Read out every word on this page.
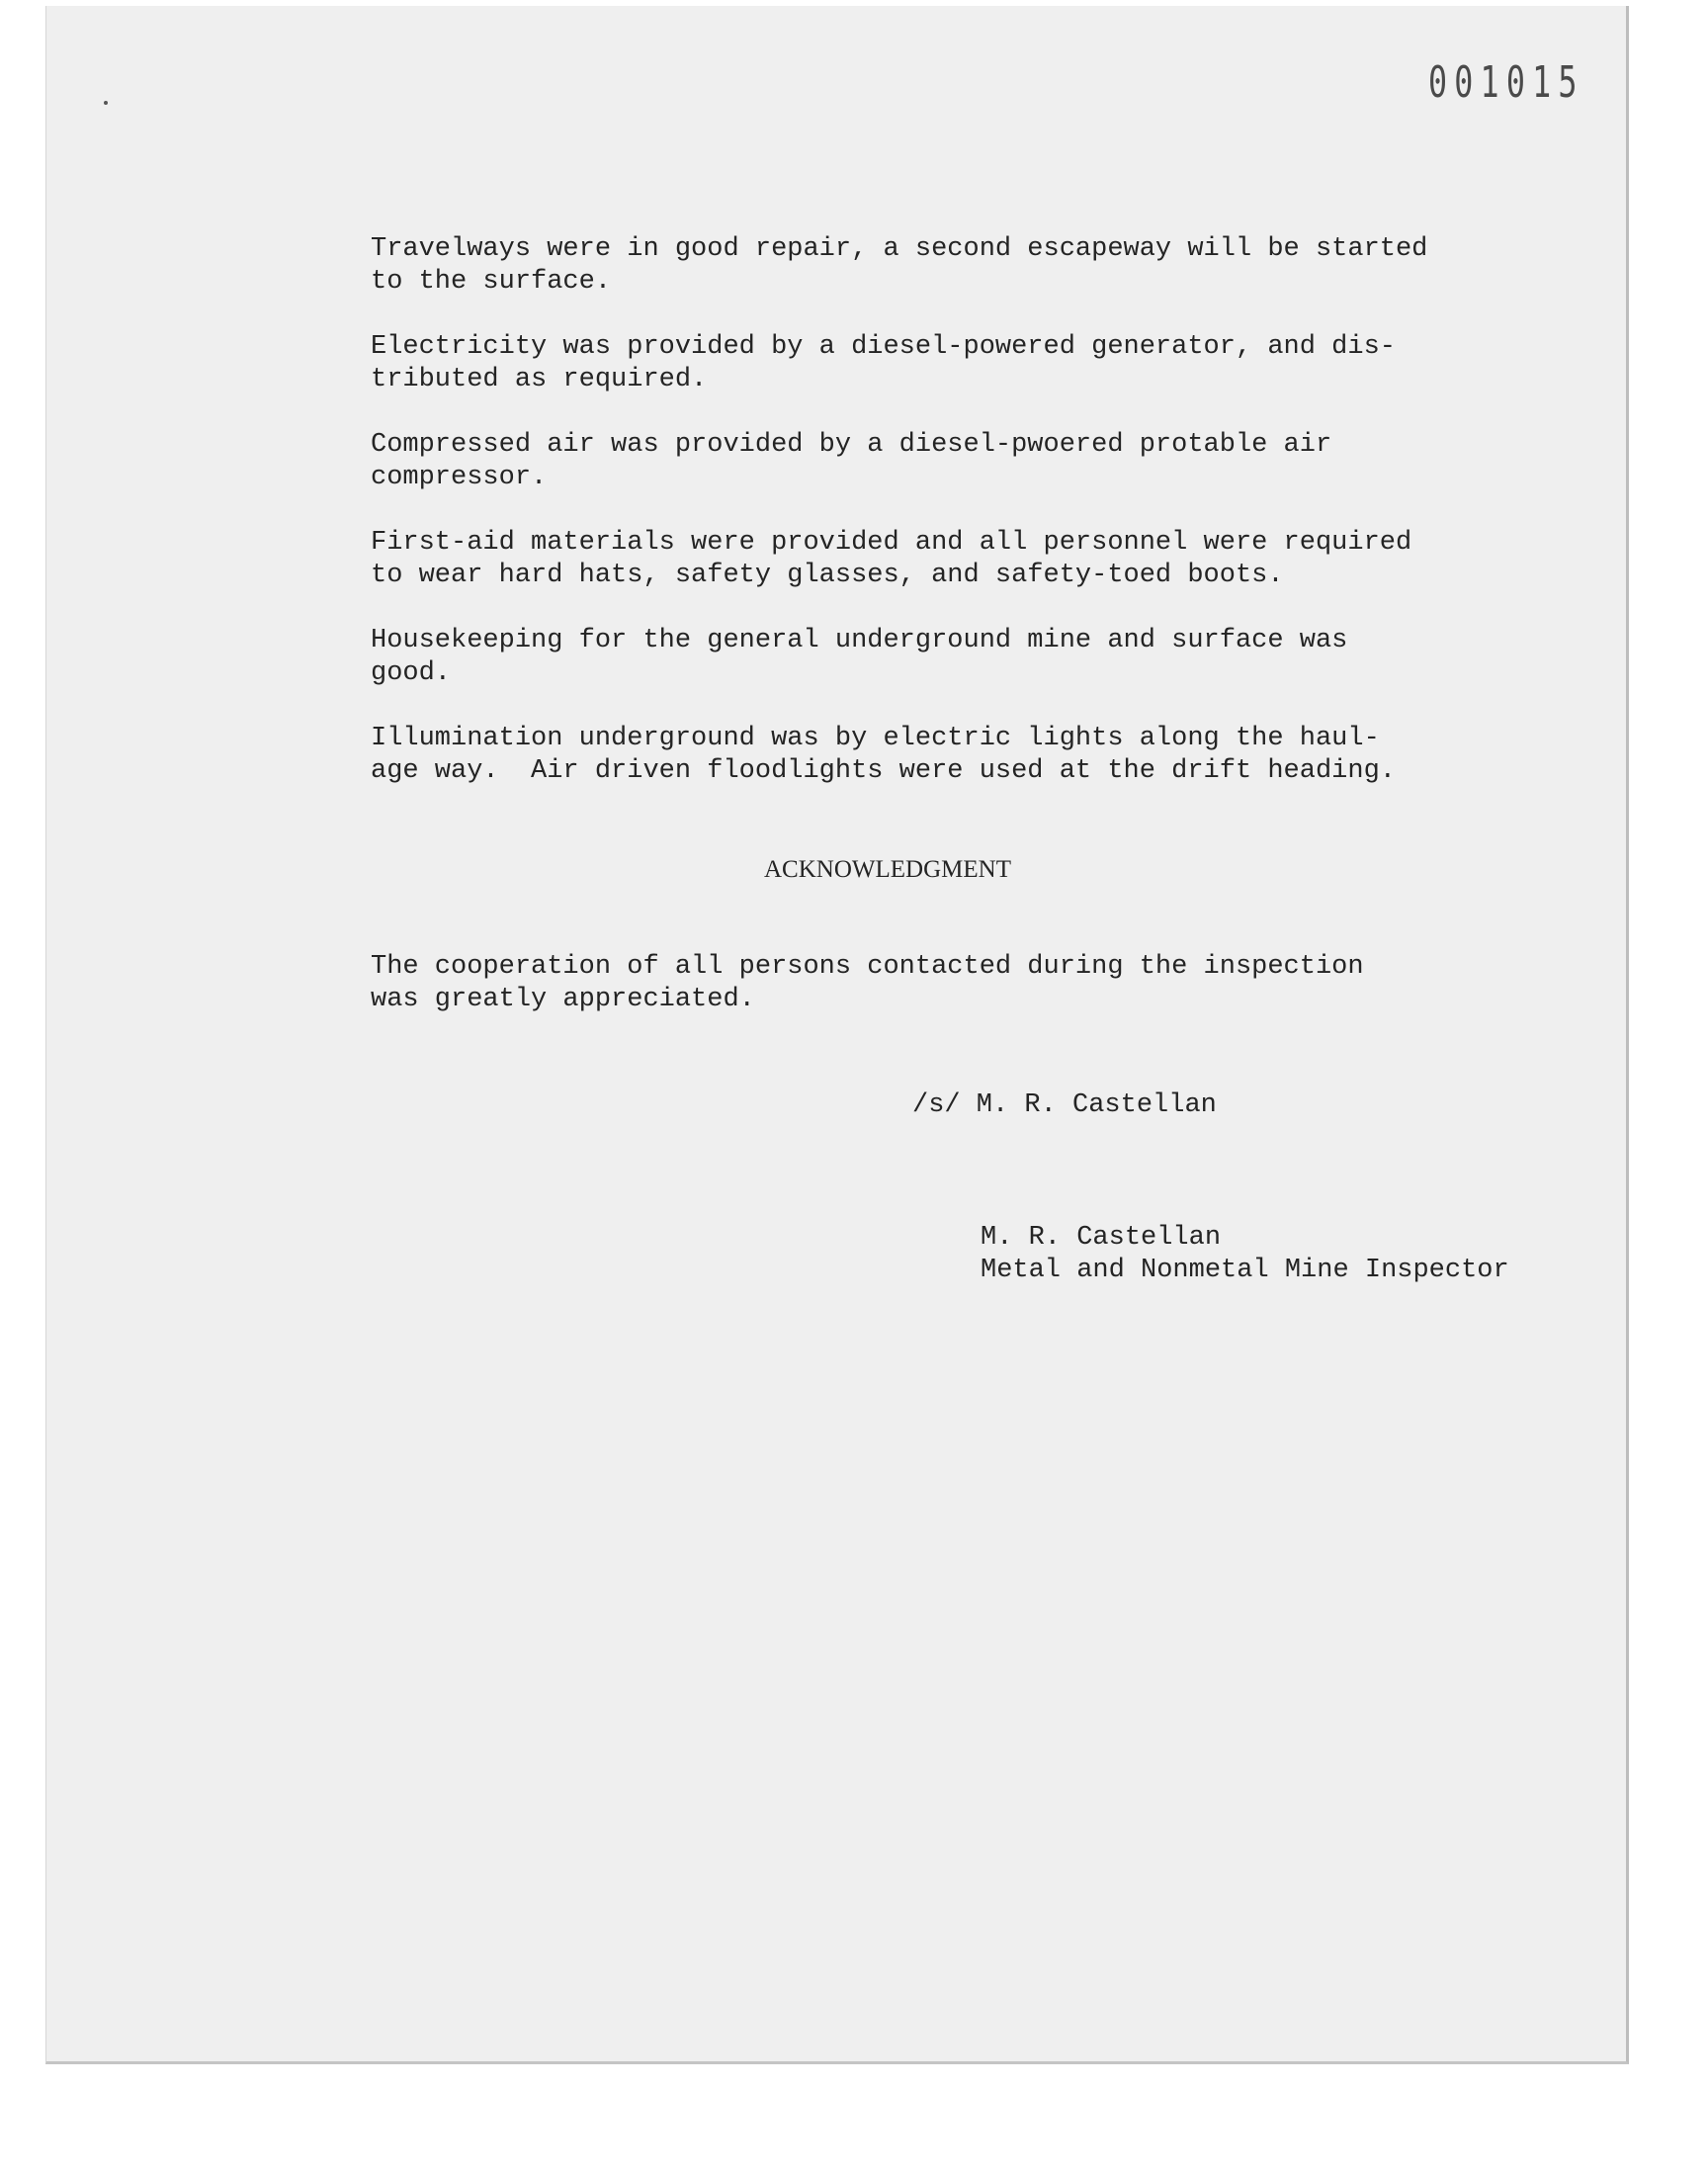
001015
Travelways were in good repair, a second escapeway will be started
to the surface.
Electricity was provided by a diesel-powered generator, and dis-
tributed as required.
Compressed air was provided by a diesel-pwoered protable air
compressor.
First-aid materials were provided and all personnel were required
to wear hard hats, safety glasses, and safety-toed boots.
Housekeeping for the general underground mine and surface was
good.
Illumination underground was by electric lights along the haul-
age way.  Air driven floodlights were used at the drift heading.
ACKNOWLEDGMENT
The cooperation of all persons contacted during the inspection
was greatly appreciated.
/s/ M. R. Castellan
M. R. Castellan
Metal and Nonmetal Mine Inspector
